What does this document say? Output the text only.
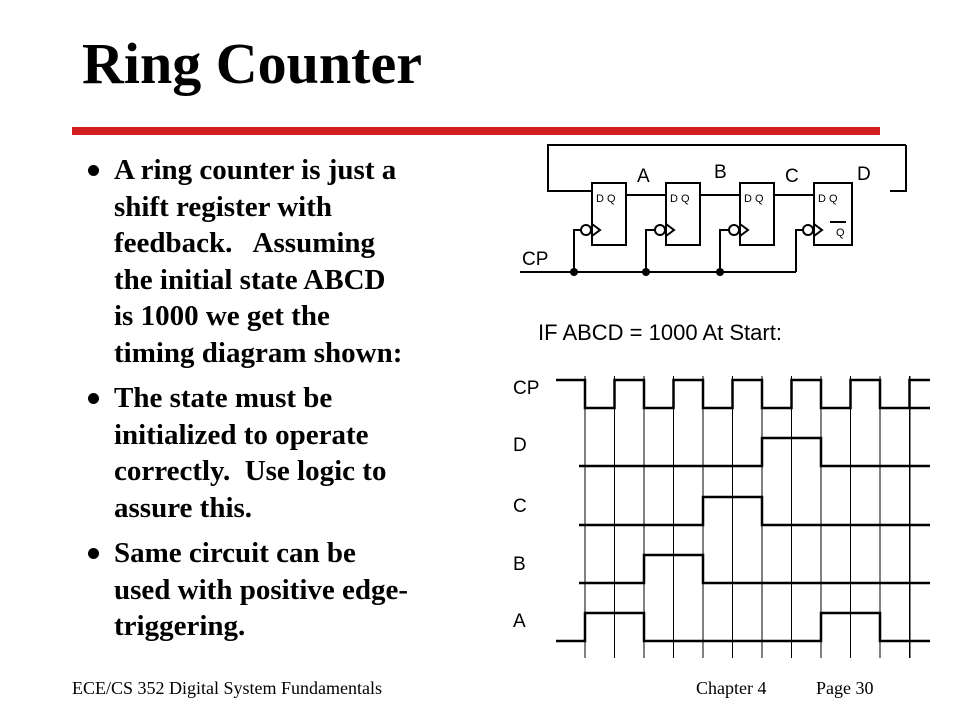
Ring Counter
A ring counter is just a
shift register with
feedback.   Assuming
the initial state ABCD
is 1000 we get the
timing diagram shown:
The state must be
initialized to operate
correctly.  Use logic to
assure this.
Same circuit can be
used with positive edge-
triggering.
D Q	D Q	D Q	D Q
Q
A	B	C	D
CP
IF ABCD = 1000 At Start:
CP
D
C
B
A
ECE/CS 352 Digital System Fundamentals	Chapter 4	Page 30
